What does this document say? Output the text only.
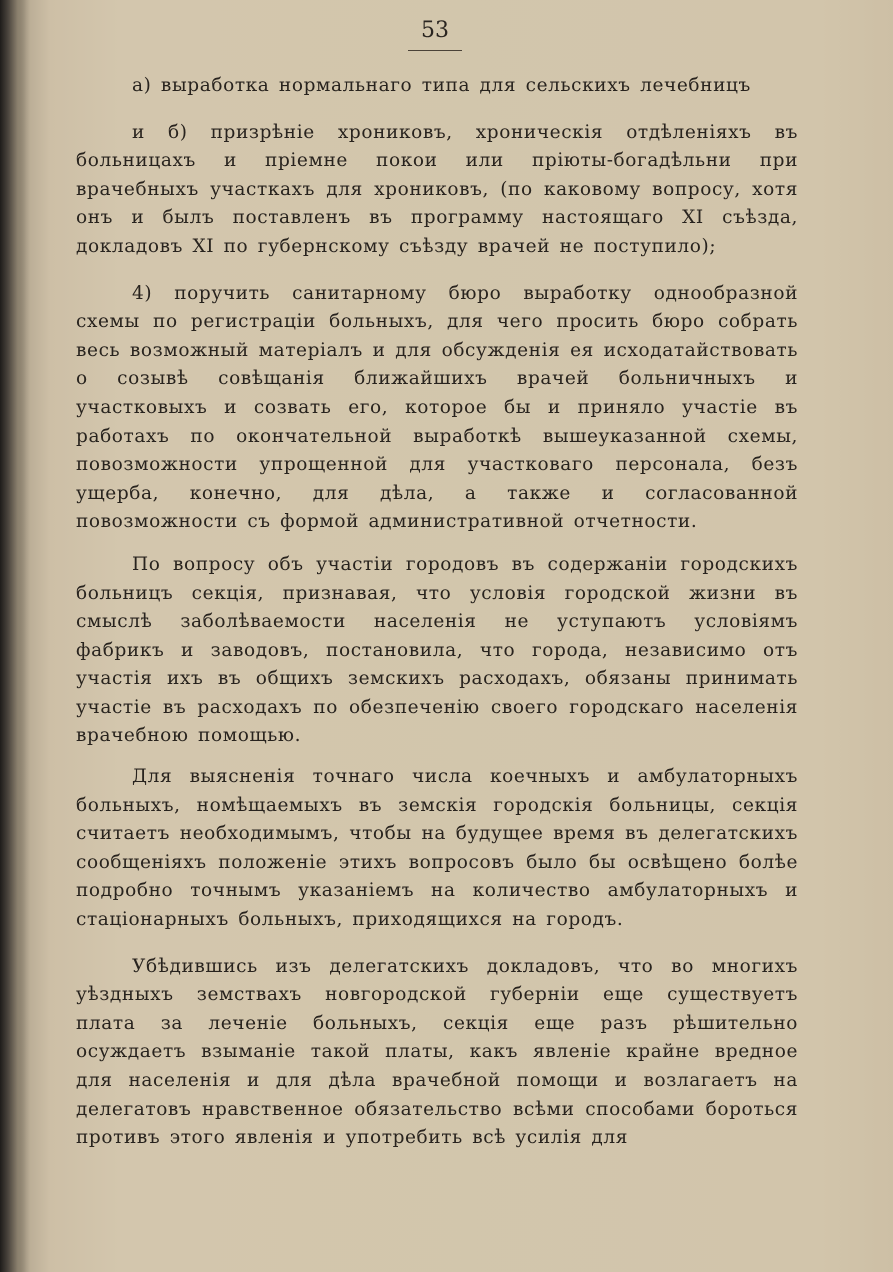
53

а) выработка нормальнаго типа для сельскихъ лечебницъ

и б) призрѣніе хрониковъ, хроническія отдѣленіяхъ въ больницахъ и пріемне покои или пріюты-богадѣльни при врачебныхъ участкахъ для хрониковъ, (по каковому вопросу, хотя онъ и былъ поставленъ въ программу настоящаго XI съѣзда, докладовъ XI по губернскому съѣзду врачей не поступило);

4) поручить санитарному бюро выработку однообразной схемы по регистраціи больныхъ, для чего просить бюро собрать весь возможный матеріалъ и для обсужденія ея исходатайствовать о созывѣ совѣщанія ближайшихъ врачей больничныхъ и участковыхъ и созвать его, которое бы и приняло участіе въ работахъ по окончательной выработкѣ вышеуказанной схемы, повозможности упрощенной для участковаго персонала, безъ ущерба, конечно, для дѣла, а также и согласованной повозможности съ формой административной отчетности.

По вопросу объ участіи городовъ въ содержаніи городскихъ больницъ секція, признавая, что условія городской жизни въ смыслѣ заболѣваемости населенія не уступаютъ условіямъ фабрикъ и заводовъ, постановила, что города, независимо отъ участія ихъ въ общихъ земскихъ расходахъ, обязаны принимать участіе въ расходахъ по обезпеченію своего городскаго населенія врачебною помощью.

Для выясненія точнаго числа коечныхъ и амбулаторныхъ больныхъ, номѣщаемыхъ въ земскія городскія больницы, секція считаетъ необходимымъ, чтобы на будущее время въ делегатскихъ сообщеніяхъ положеніе этихъ вопросовъ было бы освѣщено болѣе подробно точнымъ указаніемъ на количество амбулаторныхъ и стаціонарныхъ больныхъ, приходящихся на городъ.

Убѣдившись изъ делегатскихъ докладовъ, что во многихъ уѣздныхъ земствахъ новгородской губерніи еще существуетъ плата за леченіе больныхъ, секція еще разъ рѣшительно осуждаетъ взыманіе такой платы, какъ явленіе крайне вредное для населенія и для дѣла врачебной помощи и возлагаетъ на делегатовъ нравственное обязательство всѣми способами бороться противъ этого явленія и употребить всѣ усилія для
